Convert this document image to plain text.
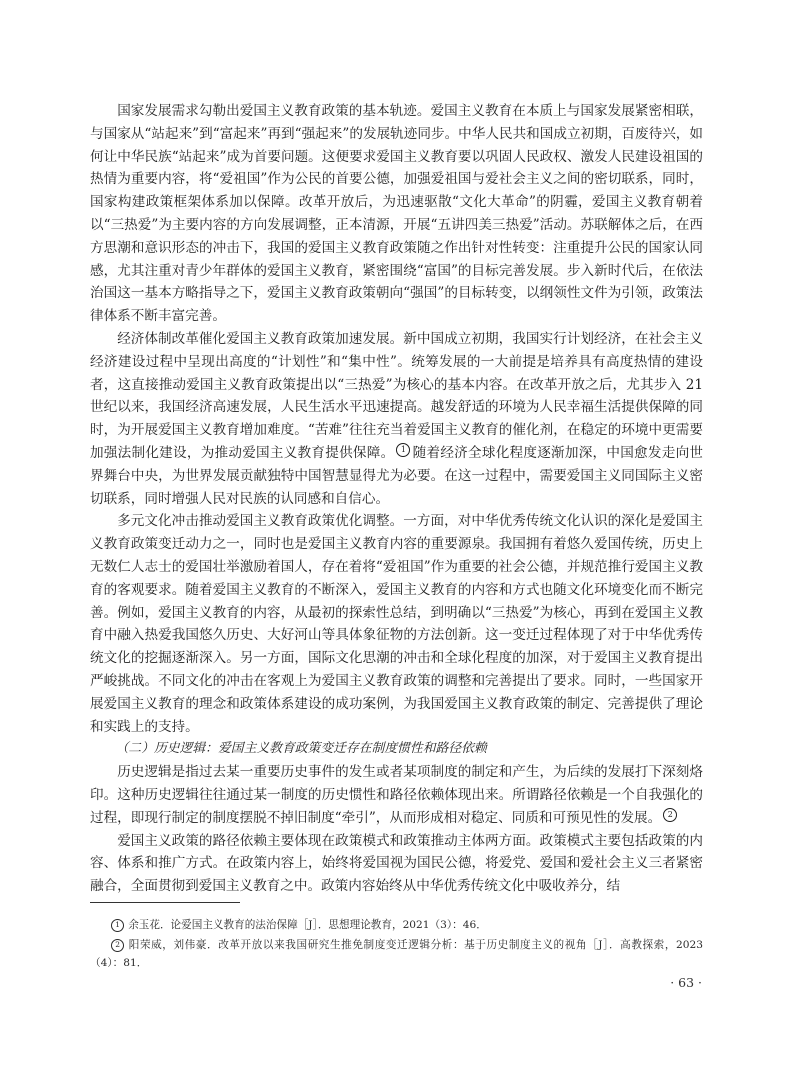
国家发展需求勾勒出爱国主义教育政策的基本轨迹。爱国主义教育在本质上与国家发展紧密相联，与国家从“站起来”到“富起来”再到“强起来”的发展轨迹同步。中华人民共和国成立初期，百废待兴，如何让中华民族“站起来”成为首要问题。这便要求爱国主义教育要以巩固人民政权、激发人民建设祖国的热情为重要内容，将“爱祖国”作为公民的首要公德，加强爱祖国与爱社会主义之间的密切联系，同时，国家构建政策框架体系加以保障。改革开放后，为迅速驱散“文化大革命”的阴霾，爱国主义教育朝着以“三热爱”为主要内容的方向发展调整，正本清源，开展“五讲四美三热爱”活动。苏联解体之后，在西方思潮和意识形态的冲击下，我国的爱国主义教育政策随之作出针对性转变：注重提升公民的国家认同感，尤其注重对青少年群体的爱国主义教育，紧密围绕“富国”的目标完善发展。步入新时代后，在依法治国这一基本方略指导之下，爱国主义教育政策朝向“强国”的目标转变，以纲领性文件为引领，政策法律体系不断丰富完善。

经济体制改革催化爱国主义教育政策加速发展。新中国成立初期，我国实行计划经济，在社会主义经济建设过程中呈现出高度的“计划性”和“集中性”。统筹发展的一大前提是培养具有高度热情的建设者，这直接推动爱国主义教育政策提出以“三热爱”为核心的基本内容。在改革开放之后，尤其步入 21 世纪以来，我国经济高速发展，人民生活水平迅速提高。越发舒适的环境为人民幸福生活提供保障的同时，为开展爱国主义教育增加难度。“苦难”往往充当着爱国主义教育的催化剂，在稳定的环境中更需要加强法制化建设，为推动爱国主义教育提供保障。 1 随着经济全球化程度逐渐加深，中国愈发走向世界舞台中央，为世界发展贡献独特中国智慧显得尤为必要。在这一过程中，需要爱国主义同国际主义密切联系，同时增强人民对民族的认同感和自信心。

多元文化冲击推动爱国主义教育政策优化调整。一方面，对中华优秀传统文化认识的深化是爱国主义教育政策变迁动力之一，同时也是爱国主义教育内容的重要源泉。我国拥有着悠久爱国传统，历史上无数仁人志士的爱国壮举激励着国人，存在着将“爱祖国”作为重要的社会公德，并规范推行爱国主义教育的客观要求。随着爱国主义教育的不断深入，爱国主义教育的内容和方式也随文化环境变化而不断完善。例如，爱国主义教育的内容，从最初的探索性总结，到明确以“三热爱”为核心，再到在爱国主义教育中融入热爱我国悠久历史、大好河山等具体象征物的方法创新。这一变迁过程体现了对于中华优秀传统文化的挖掘逐渐深入。另一方面，国际文化思潮的冲击和全球化程度的加深，对于爱国主义教育提出严峻挑战。不同文化的冲击在客观上为爱国主义教育政策的调整和完善提出了要求。同时，一些国家开展爱国主义教育的理念和政策体系建设的成功案例，为我国爱国主义教育政策的制定、完善提供了理论和实践上的支持。

（二）历史逻辑：爱国主义教育政策变迁存在制度惯性和路径依赖

历史逻辑是指过去某一重要历史事件的发生或者某项制度的制定和产生，为后续的发展打下深刻烙印。这种历史逻辑往往通过某一制度的历史惯性和路径依赖体现出来。所谓路径依赖是一个自我强化的过程，即现行制定的制度摆脱不掉旧制度“牵引”，从而形成相对稳定、同质和可预见性的发展。 2

爱国主义政策的路径依赖主要体现在政策模式和政策推动主体两方面。政策模式主要包括政策的内容、体系和推广方式。在政策内容上，始终将爱国视为国民公德，将爱党、爱国和爱社会主义三者紧密融合，全面贯彻到爱国主义教育之中。政策内容始终从中华优秀传统文化中吸收养分，结

1 余玉花．论爱国主义教育的法治保障［J］．思想理论教育，2021（3）：46．

2 阳荣威，刘伟豪．改革开放以来我国研究生推免制度变迁逻辑分析：基于历史制度主义的视角［J］．高教探索，2023（4）：81．

· 63 ·
